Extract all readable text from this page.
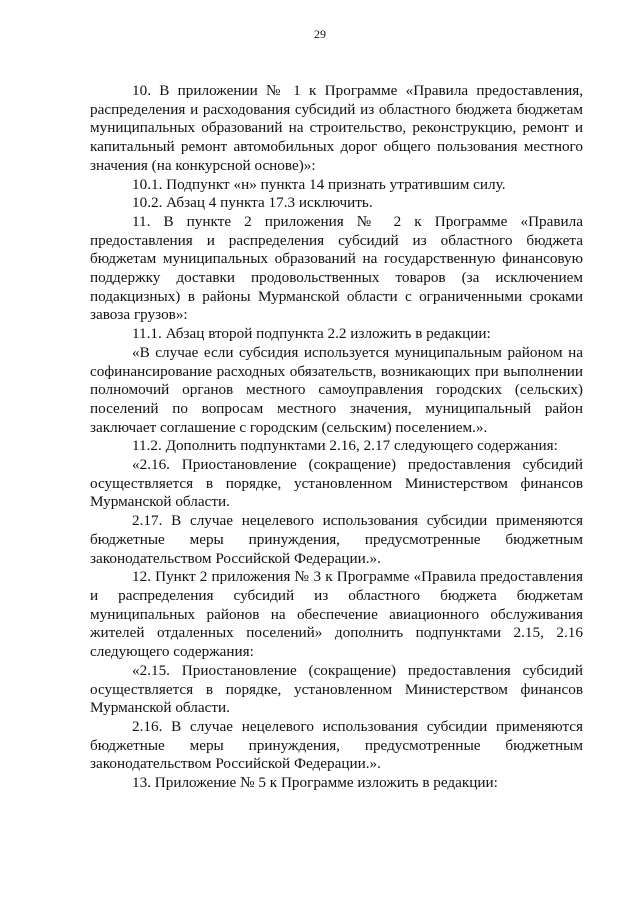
29

10. В приложении № 1 к Программе «Правила предоставления, распределения и расходования субсидий из областного бюджета бюджетам муниципальных образований на строительство, реконструкцию, ремонт и капитальный ремонт автомобильных дорог общего пользования местного значения (на конкурсной основе)»:

10.1. Подпункт «н» пункта 14 признать утратившим силу.

10.2. Абзац 4 пункта 17.3 исключить.

11. В пункте 2 приложения № 2 к Программе «Правила предоставления и распределения субсидий из областного бюджета бюджетам муниципальных образований на государственную финансовую поддержку доставки продовольственных товаров (за исключением подакцизных) в районы Мурманской области с ограниченными сроками завоза грузов»:

11.1. Абзац второй подпункта 2.2 изложить в редакции:

«В случае если субсидия используется муниципальным районом на софинансирование расходных обязательств, возникающих при выполнении полномочий органов местного самоуправления городских (сельских) поселений по вопросам местного значения, муниципальный район заключает соглашение с городским (сельским) поселением.».

11.2. Дополнить подпунктами 2.16, 2.17 следующего содержания:

«2.16. Приостановление (сокращение) предоставления субсидий осуществляется в порядке, установленном Министерством финансов Мурманской области.

2.17. В случае нецелевого использования субсидии применяются бюджетные меры принуждения, предусмотренные бюджетным законодательством Российской Федерации.».

12. Пункт 2 приложения № 3 к Программе «Правила предоставления и распределения субсидий из областного бюджета бюджетам муниципальных районов на обеспечение авиационного обслуживания жителей отдаленных поселений» дополнить подпунктами 2.15, 2.16 следующего содержания:

«2.15. Приостановление (сокращение) предоставления субсидий осуществляется в порядке, установленном Министерством финансов Мурманской области.

2.16. В случае нецелевого использования субсидии применяются бюджетные меры принуждения, предусмотренные бюджетным законодательством Российской Федерации.».

13. Приложение № 5 к Программе изложить в редакции:
